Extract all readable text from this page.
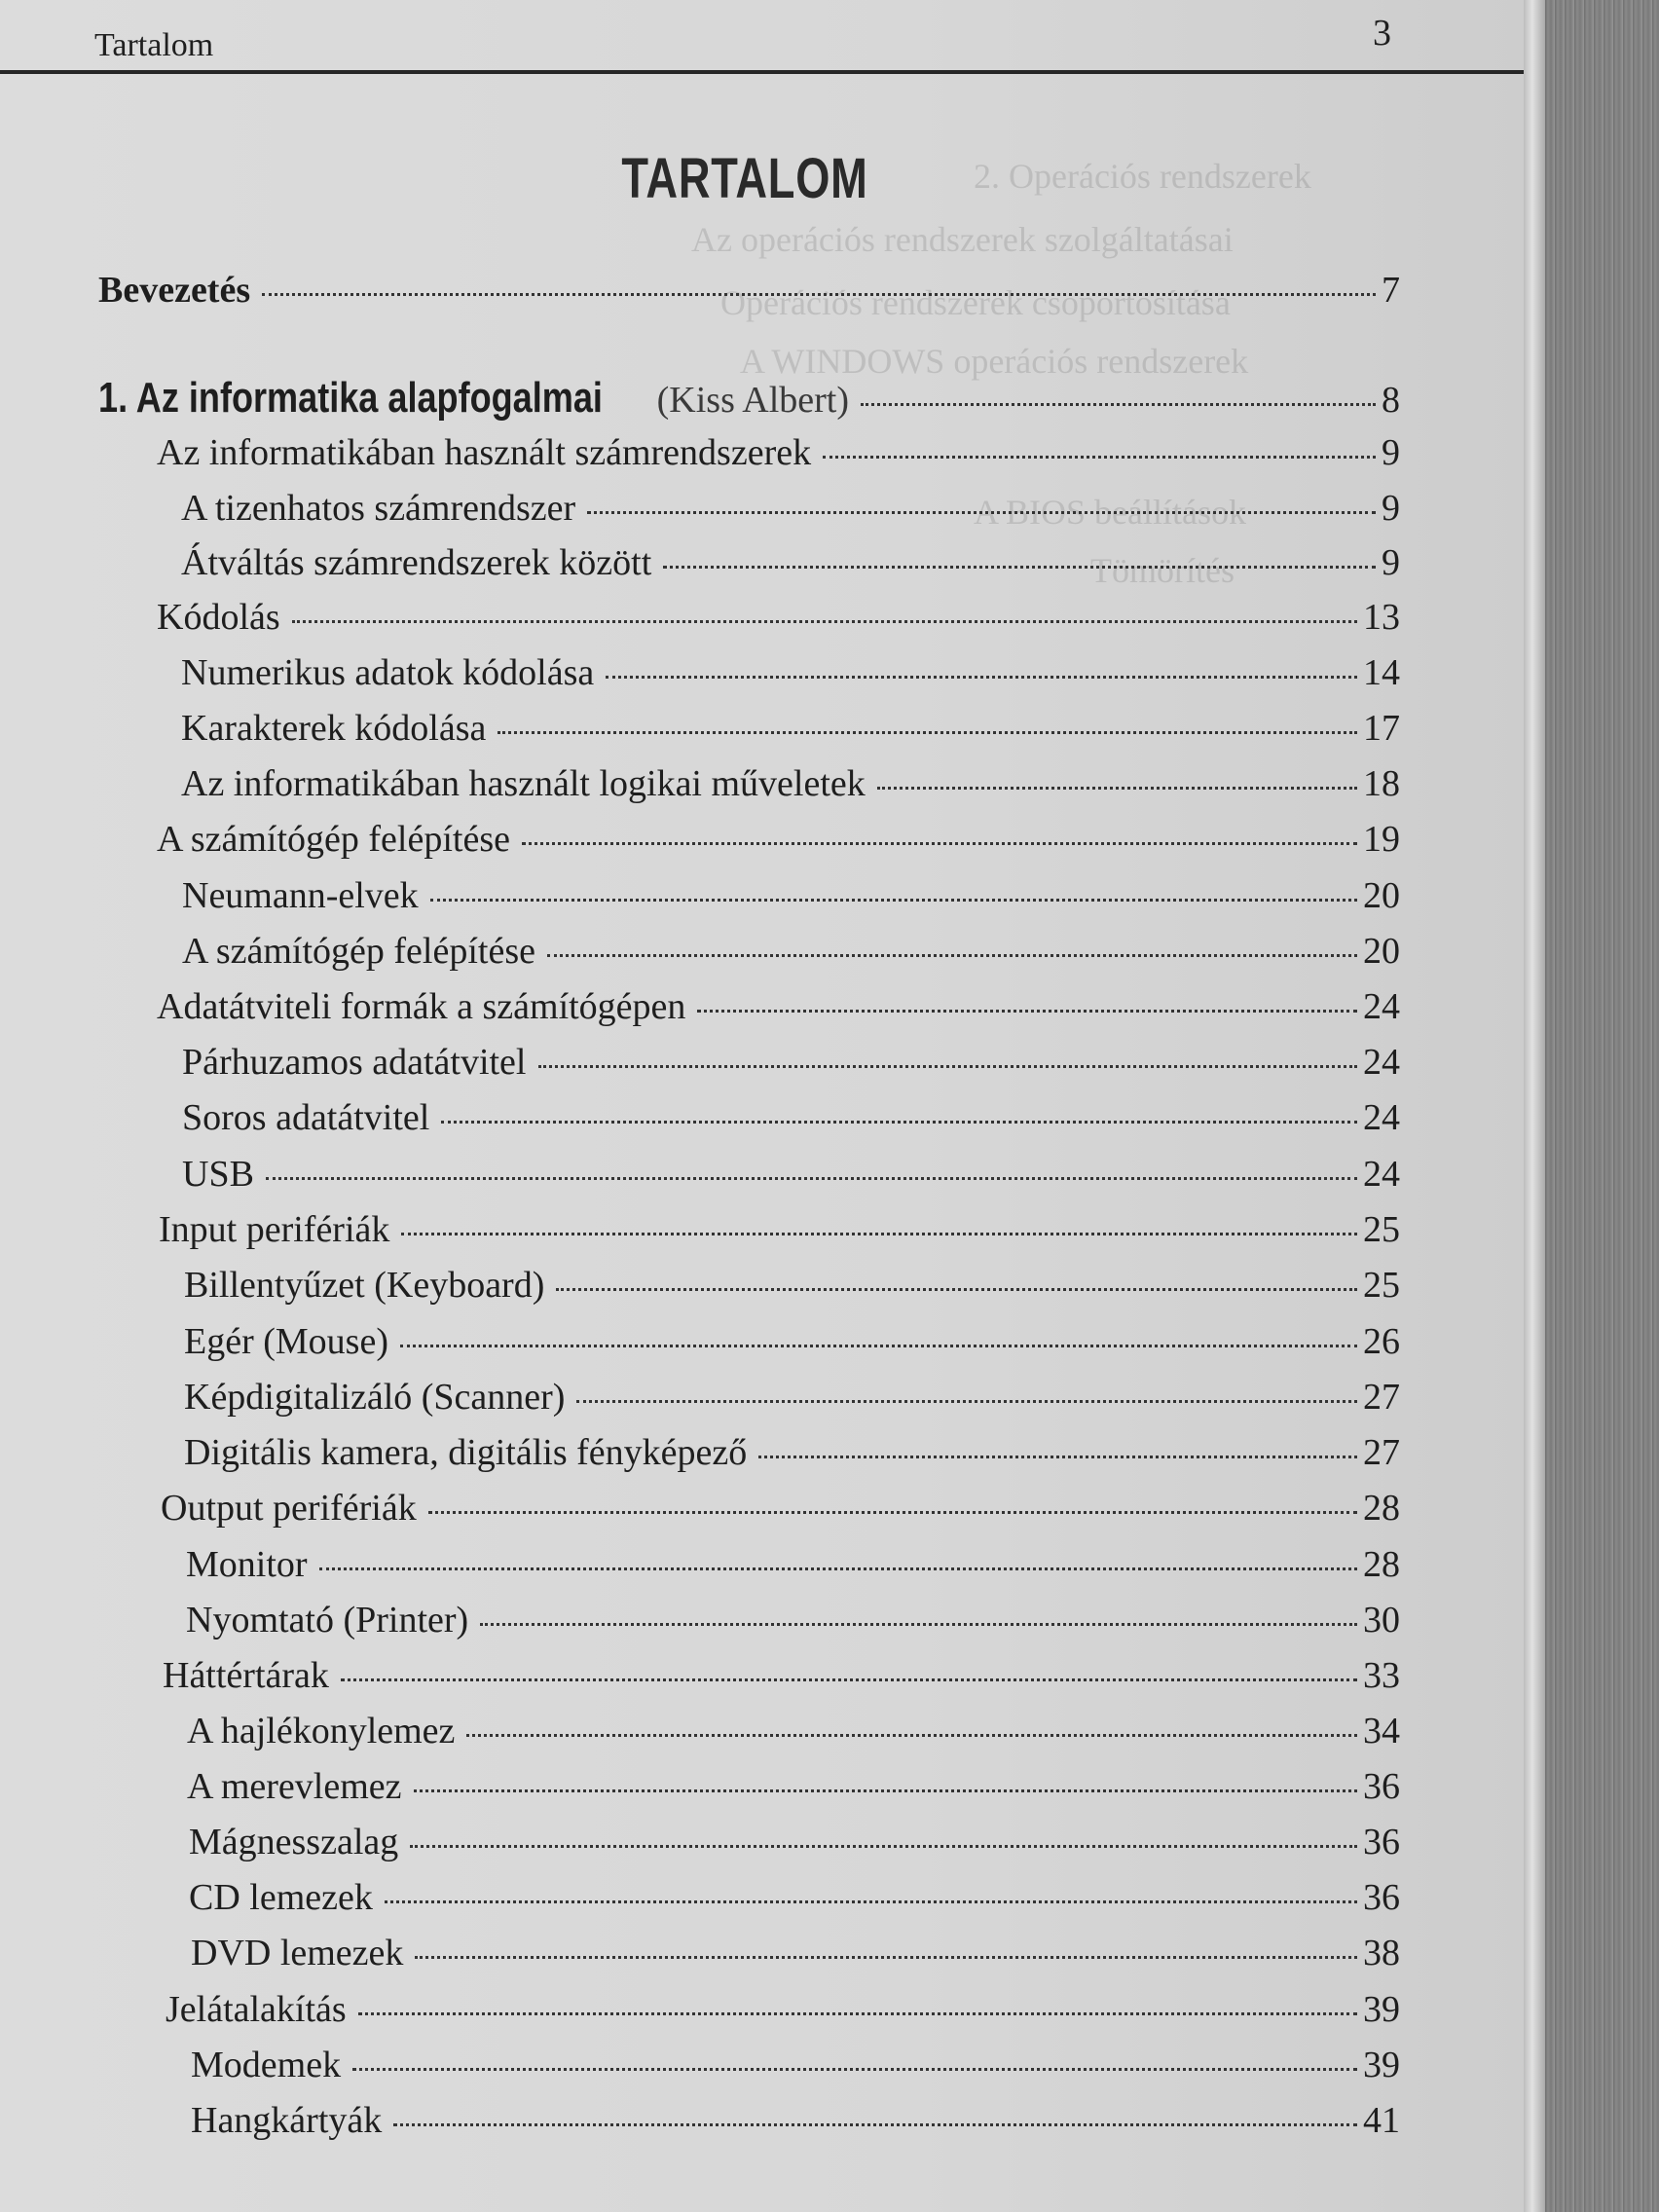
2. Operációs rendszerek
Az operációs rendszerek szolgáltatásai
Operációs rendszerek csoportosítása
A WINDOWS operációs rendszerek
A BIOS beállítások
Tömörítés
Tartalom	3
TARTALOM
Bevezetés	7
1. Az informatika alapfogalmai (Kiss Albert)	8
Az informatikában használt számrendszerek	9
A tizenhatos számrendszer	9
Átváltás számrendszerek között	9
Kódolás	13
Numerikus adatok kódolása	14
Karakterek kódolása	17
Az informatikában használt logikai műveletek	18
A számítógép felépítése	19
Neumann-elvek	20
A számítógép felépítése	20
Adatátviteli formák a számítógépen	24
Párhuzamos adatátvitel	24
Soros adatátvitel	24
USB	24
Input perifériák	25
Billentyűzet (Keyboard)	25
Egér (Mouse)	26
Képdigitalizáló (Scanner)	27
Digitális kamera, digitális fényképező	27
Output perifériák	28
Monitor	28
Nyomtató (Printer)	30
Háttértárak	33
A hajlékonylemez	34
A merevlemez	36
Mágnesszalag	36
CD lemezek	36
DVD lemezek	38
Jelátalakítás	39
Modemek	39
Hangkártyák	41
